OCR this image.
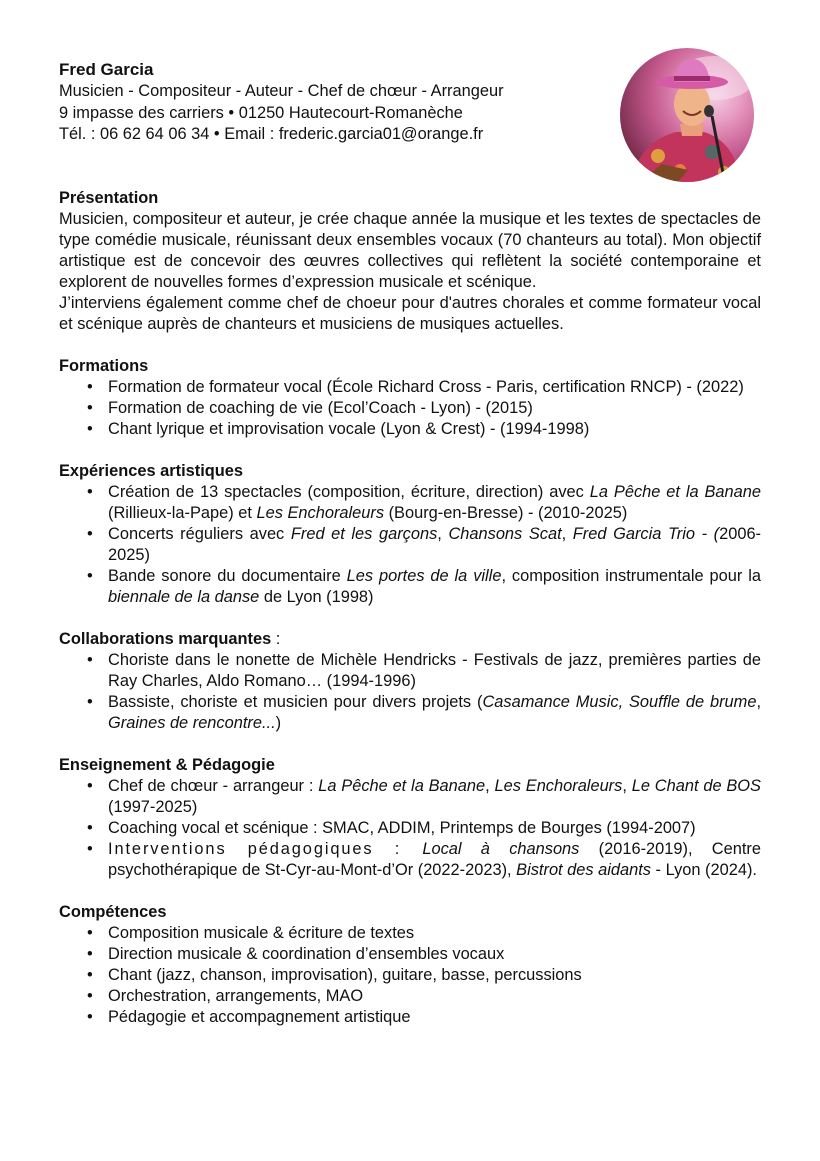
Fred Garcia
Musicien - Compositeur - Auteur - Chef de chœur - Arrangeur
9 impasse des carriers • 01250 Hautecourt-Romanèche
Tél. : 06 62 64 06 34 • Email : frederic.garcia01@orange.fr
Présentation

Musicien, compositeur et auteur, je crée chaque année la musique et les textes de spectacles de type comédie musicale, réunissant deux ensembles vocaux (70 chanteurs au total). Mon objectif artistique est de concevoir des œuvres collectives qui reflètent la société contemporaine et explorent de nouvelles formes d’expression musicale et scénique.

J’interviens également comme chef de choeur pour d'autres chorales et comme formateur vocal et scénique auprès de chanteurs et musiciens de musiques actuelles.

Formations
• Formation de formateur vocal (École Richard Cross - Paris, certification RNCP) - (2022)
• Formation de coaching de vie (Ecol’Coach - Lyon) - (2015)
• Chant lyrique et improvisation vocale (Lyon & Crest) - (1994-1998)
Expériences artistiques
• Création de 13 spectacles (composition, écriture, direction) avec La Pêche et la Banane (Rillieux-la-Pape) et Les Enchoraleurs (Bourg-en-Bresse) - (2010-2025)
• Concerts réguliers avec Fred et les garçons, Chansons Scat, Fred Garcia Trio - (2006-2025)
• Bande sonore du documentaire Les portes de la ville, composition instrumentale pour la biennale de la danse de Lyon (1998)
Collaborations marquantes :
• Choriste dans le nonette de Michèle Hendricks - Festivals de jazz, premières parties de Ray Charles, Aldo Romano… (1994-1996)
• Bassiste, choriste et musicien pour divers projets (Casamance Music, Souffle de brume, Graines de rencontre...)
Enseignement & Pédagogie
• Chef de chœur - arrangeur : La Pêche et la Banane, Les Enchoraleurs, Le Chant de BOS (1997-2025)
• Coaching vocal et scénique : SMAC, ADDIM, Printemps de Bourges (1994-2007)
• Interventions pédagogiques : Local à chansons (2016-2019), Centre psychothérapique de St-Cyr-au-Mont-d’Or (2022-2023), Bistrot des aidants - Lyon (2024).
Compétences
• Composition musicale & écriture de textes
• Direction musicale & coordination d’ensembles vocaux
• Chant (jazz, chanson, improvisation), guitare, basse, percussions
• Orchestration, arrangements, MAO
• Pédagogie et accompagnement artistique
